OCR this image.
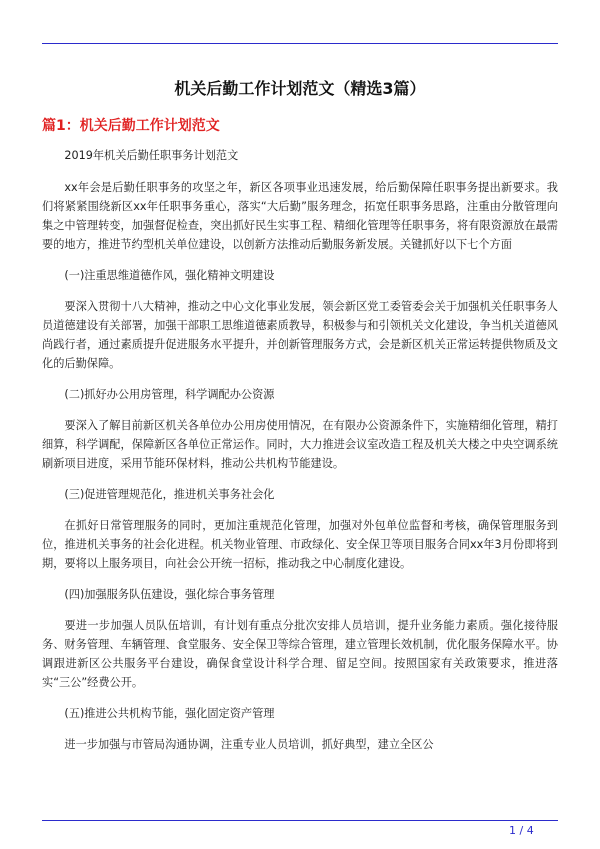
机关后勤工作计划范文（精选3篇）
篇1：机关后勤工作计划范文

2019年机关后勤任职事务计划范文

xx年会是后勤任职事务的攻坚之年，新区各项事业迅速发展，给后勤保障任职事务提出新要求。我们将紧紧围绕新区xx年任职事务重心，落实“大后勤”服务理念，拓宽任职事务思路，注重由分散管理向集之中管理转变，加强督促检查，突出抓好民生实事工程、精细化管理等任职事务，将有限资源放在最需要的地方，推进节约型机关单位建设，以创新方法推动后勤服务新发展。关键抓好以下七个方面

(一)注重思维道德作风，强化精神文明建设

要深入贯彻十八大精神，推动之中心文化事业发展，领会新区党工委管委会关于加强机关任职事务人员道德建设有关部署，加强干部职工思维道德素质教导，积极参与和引领机关文化建设，争当机关道德风尚践行者，通过素质提升促进服务水平提升，并创新管理服务方式，会是新区机关正常运转提供物质及文化的后勤保障。

(二)抓好办公用房管理，科学调配办公资源

要深入了解目前新区机关各单位办公用房使用情况，在有限办公资源条件下，实施精细化管理，精打细算，科学调配，保障新区各单位正常运作。同时，大力推进会议室改造工程及机关大楼之中央空调系统刷新项目进度，采用节能环保材料，推动公共机构节能建设。

(三)促进管理规范化，推进机关事务社会化

在抓好日常管理服务的同时，更加注重规范化管理，加强对外包单位监督和考核，确保管理服务到位，推进机关事务的社会化进程。机关物业管理、市政绿化、安全保卫等项目服务合同xx年3月份即将到期，要将以上服务项目，向社会公开统一招标，推动我之中心制度化建设。

(四)加强服务队伍建设，强化综合事务管理

要进一步加强人员队伍培训，有计划有重点分批次安排人员培训，提升业务能力素质。强化接待服务、财务管理、车辆管理、食堂服务、安全保卫等综合管理，建立管理长效机制，优化服务保障水平。协调跟进新区公共服务平台建设，确保食堂设计科学合理、留足空间。按照国家有关政策要求，推进落实“三公”经费公开。

(五)推进公共机构节能，强化固定资产管理

进一步加强与市管局沟通协调，注重专业人员培训，抓好典型，建立全区公

1 / 4
